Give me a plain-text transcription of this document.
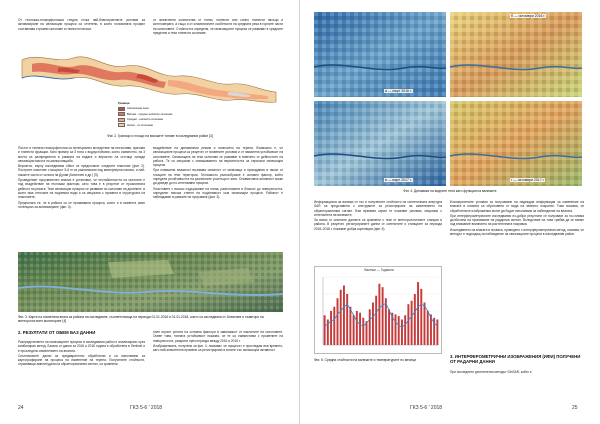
От геоложко-геоморфоложка гледна точка най-благоприятните условия за активизиране на свлачищни процеси са отчетени, в които половината профил съставлява стръмни склонове и глинести наноси.

от значителни количества от глини, глинести или силно глинести пясъци и конгломерати, а също и от климатичните особености на средната река в горните части на склоновете. Стойността определя, че свлачищните процеси се развиват в средните пределни и тези глинести склонове.

Граница
Свлачищна зона
Високи - средно ниски/по склонове
Средни - ниски/по склонове
Ниски - по склонове
Фиг. 2. Граници и площи на високите типове в изследвания район [3]

Пъстот и тяхната геоморфология са потенциално вследствие на песъчливи, прахови и глинести фракции. Като пример за 3 типа с водоустойчиви, които съвместно, на 3 места са разпределени в рамката на водата и вероятно на стотици хиляди свлачищни маси в по-малки мащаби.

Вероятно, върху изследвания обект се предполагат следните пластове (фиг. 2). Пъстрите пластове с мощност 5-6 m са разполагани под кватернерни наноси, и най-ниските части от склона на Дунав (Киселчев и др.) [3].

Проведеният проучвателен анализ е установил, че нестабилността на склоните е под въздействие на геоложки фактори, като това е в резултат от ерозионната дейност на реката. Тези свлачищни процеси се развиват по склонове на долините, в които има оттичане на подземни води и са свързани с промени в структурата на пластовете.

Предполага се, че в района са се проявявали процеси, които и в момента имат потенциал за активизиране (фиг. 3).

въздействие на динамичния режим и наличието на терена. Възможно е, че свлачищните процеси са резултат от почвените условия и от намалена устойчивост на склоновете. Свлачищата на тези склонове се развиват в повечето от дейностите на работа. Те са свързани с повишаването на вероятността за сериозни свлачищни процеси.

При повишена влажност възниква опасност от свлачища и пропадания в някои от площите на тези територии. Геоложкото разнообразие е основен фактор, който определя устойчивостта на различните участъци и зони. Сеизмичната активност може да доведе до по-интензивни процеси.

Пластовете с високо съдържание на глина, разположени в близост до повърхността, определят висока степен на податливост към свлачищни процеси. Районът е наблюдаван в рамките на проучване (фиг. 3).

Фиг. 3. Карта на почвената влага за района на изследване, съответстваща на периода 01.01.2016 и 01.01.2018, която са изследвани от Алексиев и съавтори на метеорологичен мониторинг [4]
2. РЕЗУЛТАТИ ОТ ОБЕМ БАЗ ДАННИ

Разпределението на свлачищните процеси в изследвания район е анализирано чрез комбиниран метод. Базата от данни за 2016 и 2018 година е обработена в Sentinel и е проследено изменението на влагата.

Спътниковите данни са предварително обработени и са използвани за картографиране на процеса на изменение на терена. Получените стойности, отразяващи амплитудата на обратнорасеяния сигнал, са сравнени.

поле играят ролята на основни фактори в зависимост от наклоните на склоновете. Освен това, тяхната устойчивост показва, че те са съвместими с промените на повърхността, разкрити през периода между 2016 и 2018 г.

Изображенията, получени за фиг. 4, показват, че процесът е проследим във времето, като най-значителни промени са регистрирани в зоните със свлачищна активност.

24	ГКЗ 5-6 ' 2018
а — март 2016 г.
б — октомври 2016 г.
в — март 2017 г.	г — октомври 2017 г.
Фиг. 4. Динамика на водните тела като функция на валежите

Информацията за валежи от тях и получените стойности на синтетичната апертура SAR са представени с инструмент за регистриране на изменението на обратнорасеяния сигнал. Във времеви серии те показват разлики, свързани с интензитета на валежите.

За всеки от сезоните данните са сравнени с тези от метеорологичните станции в района. В резултат, регистрираните данни от сателитите и станциите за периода 2016–2018 г. показват добра корелация (фиг. 5).

Валежи — Годишни
Фиг. 5. Средни стойности на валежите и температурите по месеци

Благоприятните условия за получаване на надеждна информация за изменение на влагата в почвата са обусловени от вида на земното покритие. Това показва, че обработените изображения могат да бъдат използвани за наблюдение на влагата.

При интерферометричните изследвания по-добри резултати се получават за по-голяма дълбочина на проникване на радарния сигнал. Вследствие на това трябва да се вземе под внимание влиянието на растителната покривка.

Изследването на влагата в почвата, проведено с интерферометричния метод, показва, че методът е подходящ за наблюдение на свлачищните процеси в изследвания район.

3. ИНТЕРФЕРОМЕТРИЧНИ ИЗОБРАЖЕНИЯ (ИФИ) ПОЛУЧЕНИ ОТ РАДАРНИ ДАННИ

При последните десетилетия методът DInSAR, който е

ГКЗ 5-6 ' 2018	25
